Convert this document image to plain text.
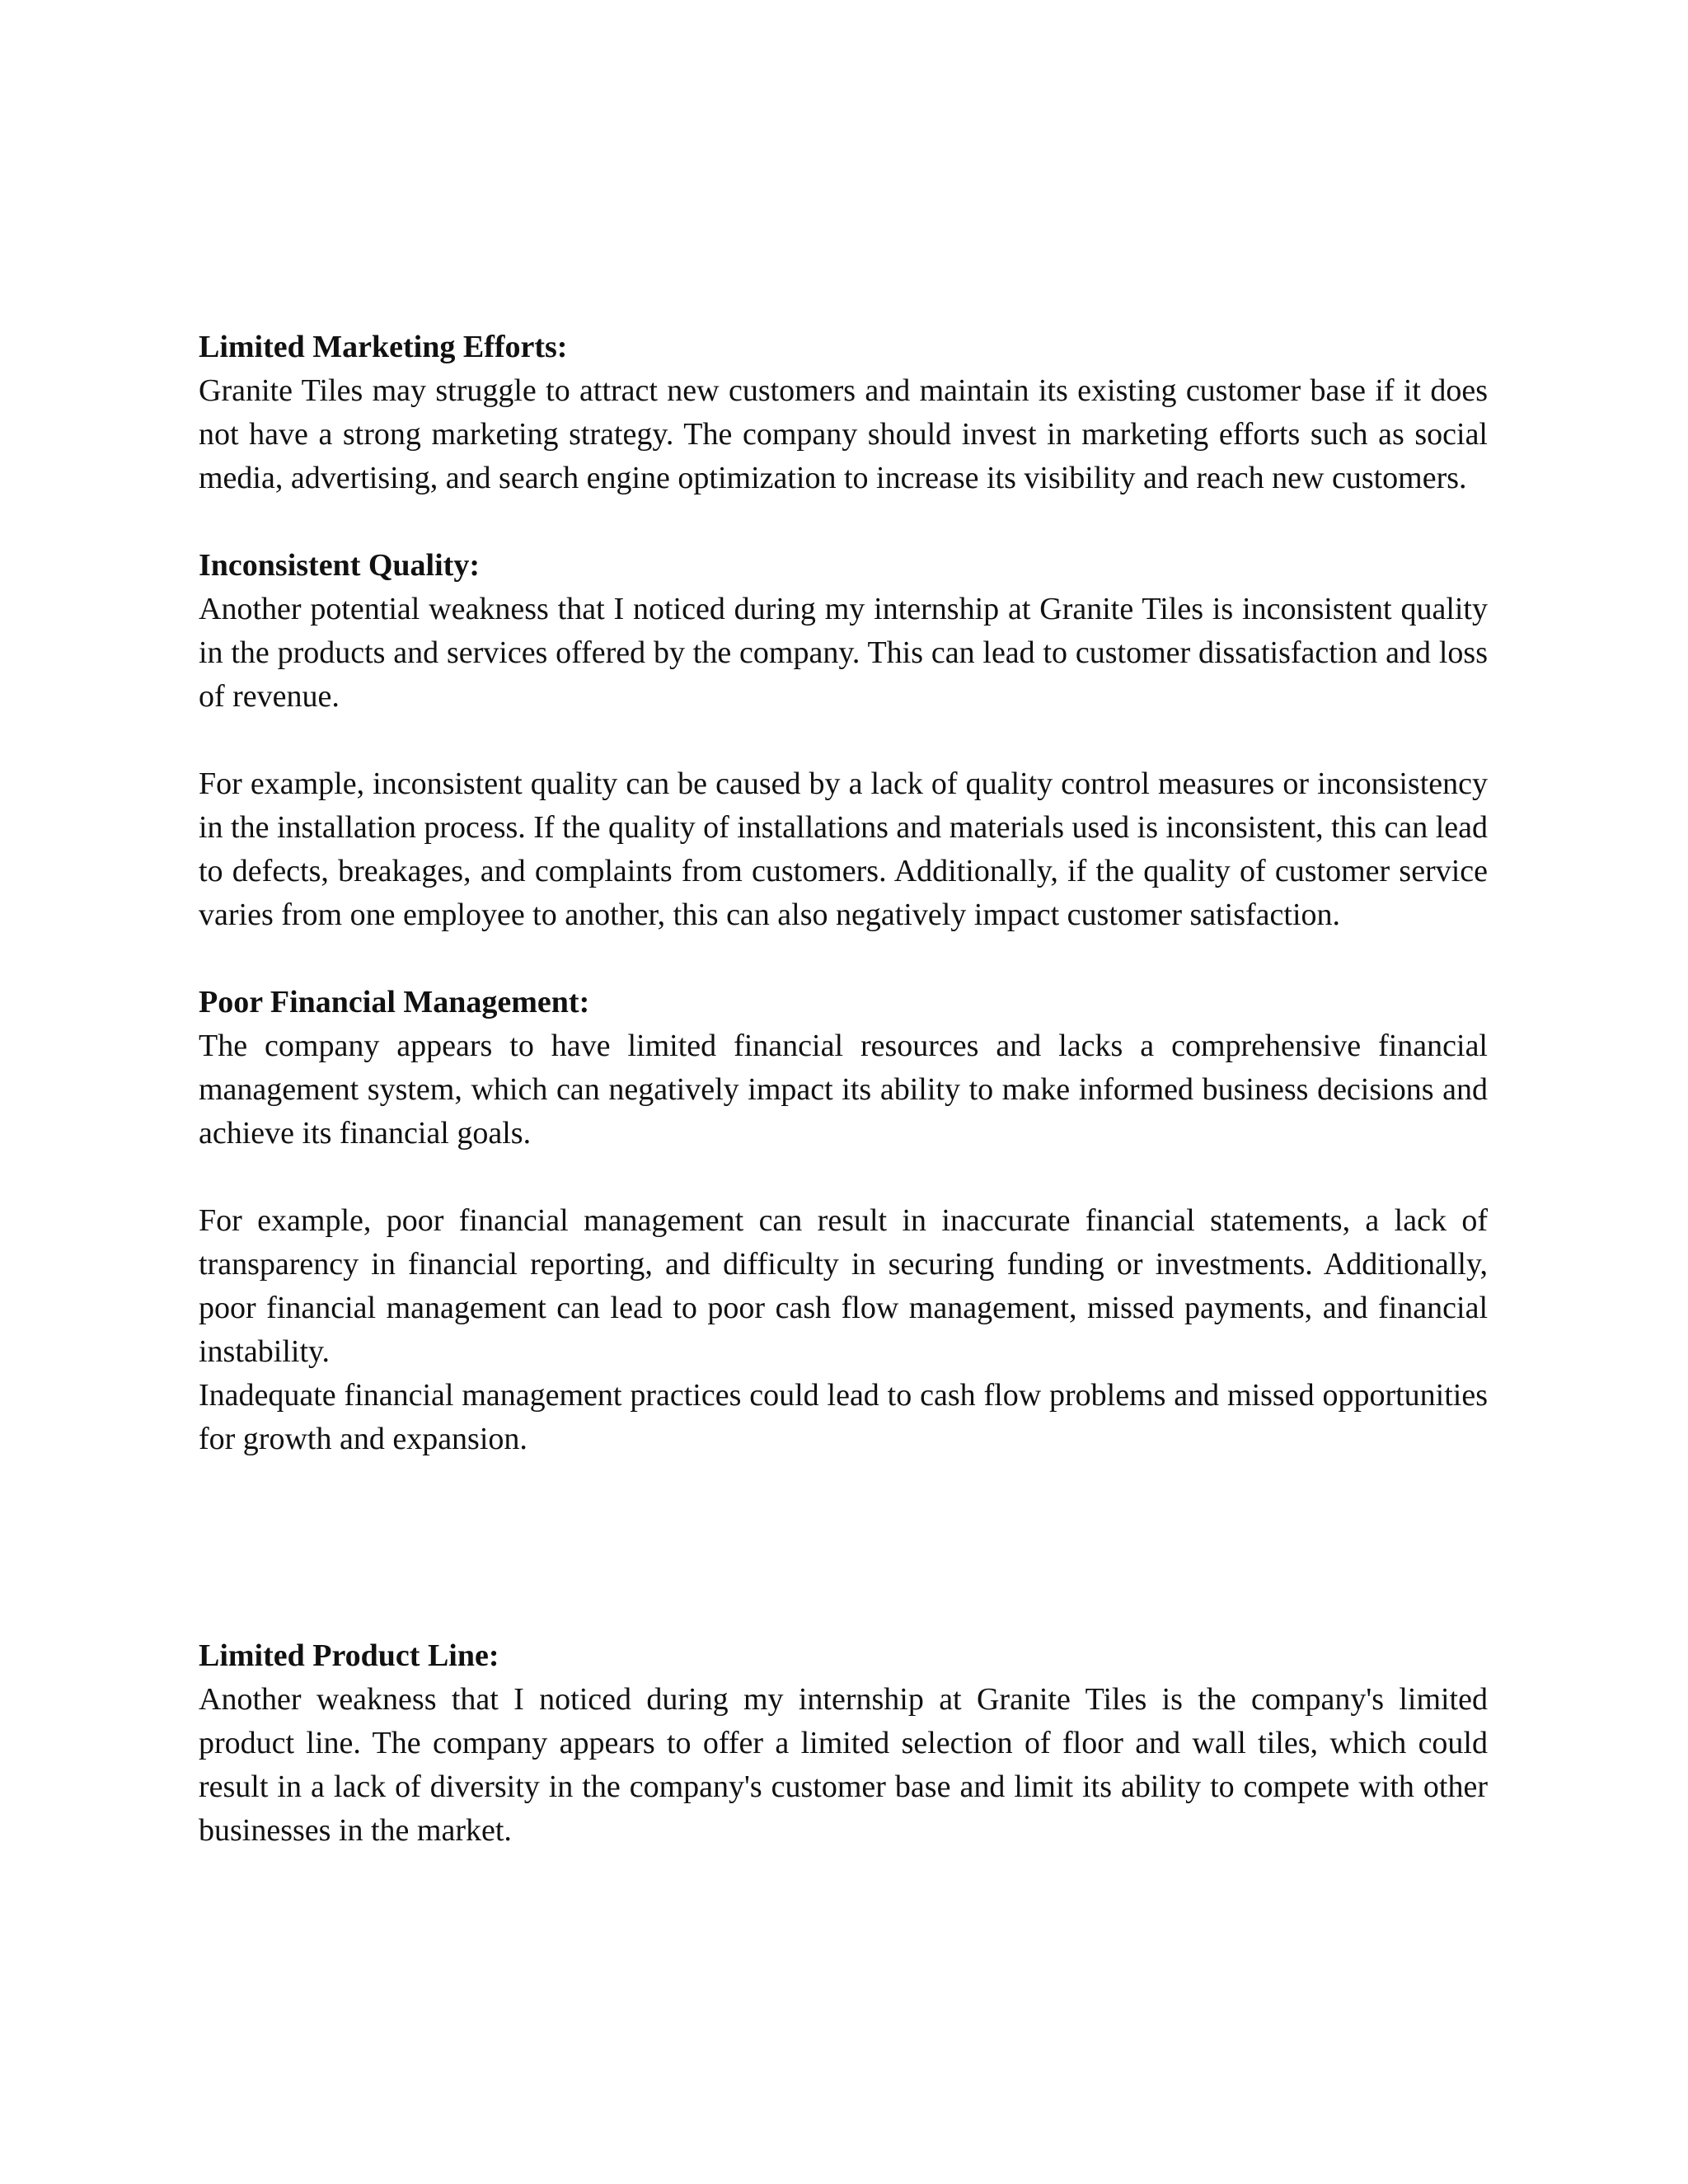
Limited Marketing Efforts:

Granite Tiles may struggle to attract new customers and maintain its existing customer base if it does not have a strong marketing strategy. The company should invest in marketing efforts such as social media, advertising, and search engine optimization to increase its visibility and reach new customers.

Inconsistent Quality:

Another potential weakness that I noticed during my internship at Granite Tiles is inconsistent quality in the products and services offered by the company. This can lead to customer dissatisfaction and loss of revenue.

For example, inconsistent quality can be caused by a lack of quality control measures or inconsistency in the installation process. If the quality of installations and materials used is inconsistent, this can lead to defects, breakages, and complaints from customers. Additionally, if the quality of customer service varies from one employee to another, this can also negatively impact customer satisfaction.

Poor Financial Management:

The company appears to have limited financial resources and lacks a comprehensive financial management system, which can negatively impact its ability to make informed business decisions and achieve its financial goals.

For example, poor financial management can result in inaccurate financial statements, a lack of transparency in financial reporting, and difficulty in securing funding or investments. Additionally, poor financial management can lead to poor cash flow management, missed payments, and financial instability.

Inadequate financial management practices could lead to cash flow problems and missed opportunities for growth and expansion.

Limited Product Line:

Another weakness that I noticed during my internship at Granite Tiles is the company's limited product line. The company appears to offer a limited selection of floor and wall tiles, which could result in a lack of diversity in the company's customer base and limit its ability to compete with other businesses in the market.
